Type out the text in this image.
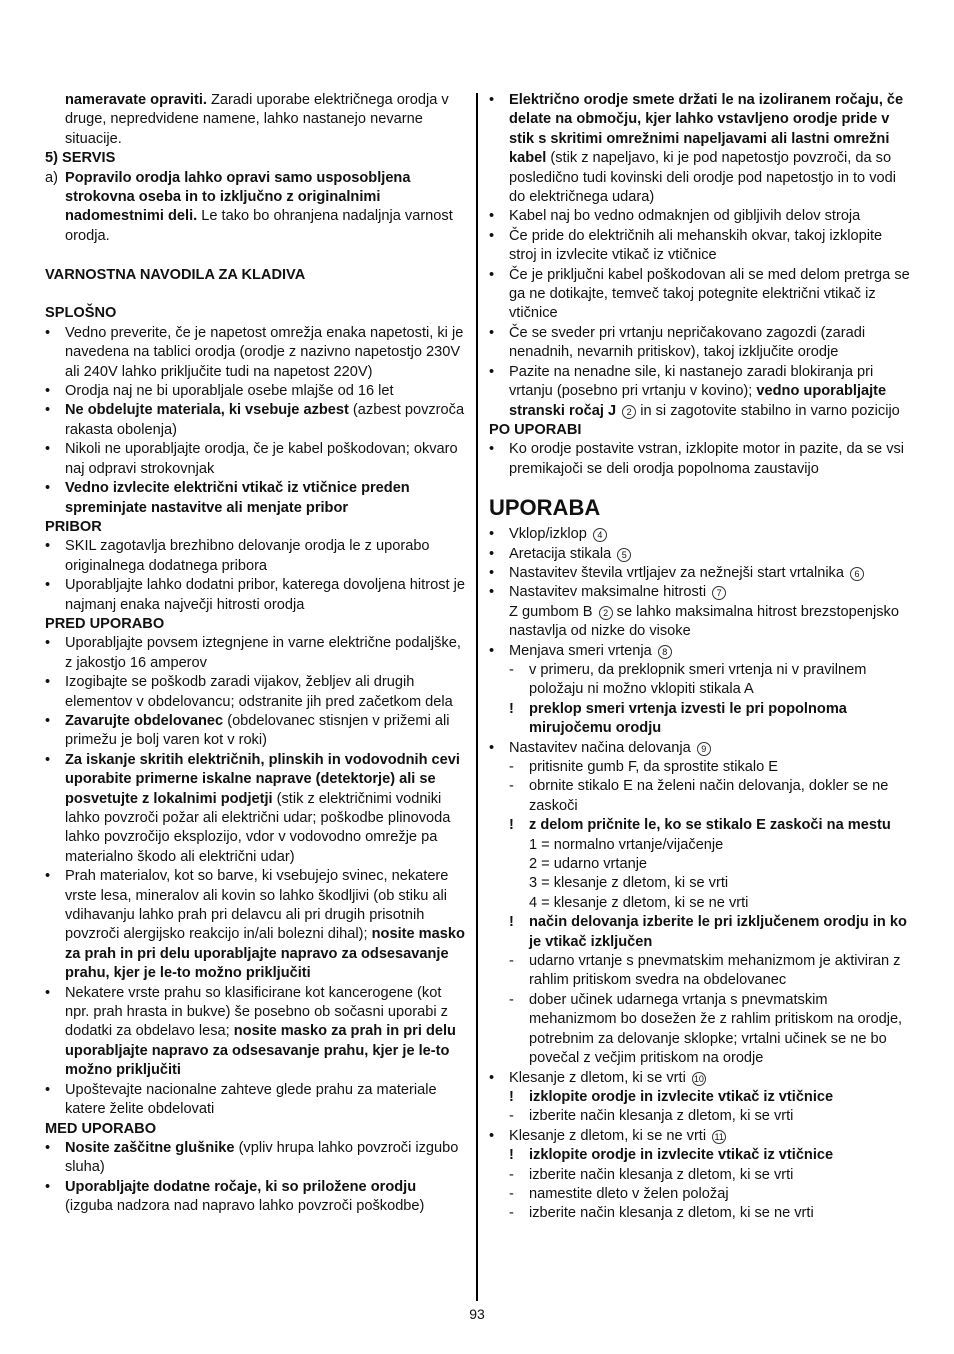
nameravate opraviti. Zaradi uporabe električnega orodja v druge, nepredvidene namene, lahko nastanejo nevarne situacije.
5) SERVIS
a) Popravilo orodja lahko opravi samo usposobljena strokovna oseba in to izključno z originalnimi nadomestnimi deli. Le tako bo ohranjena nadaljnja varnost orodja.
VARNOSTNA NAVODILA ZA KLADIVA
SPLOŠNO
•	Vedno preverite, če je napetost omrežja enaka napetosti, ki je navedena na tablici orodja (orodje z nazivno napetostjo 230V ali 240V lahko priključite tudi na napetost 220V)
•	Orodja naj ne bi uporabljale osebe mlajše od 16 let
•	Ne obdelujte materiala, ki vsebuje azbest (azbest povzroča rakasta obolenja)
•	Nikoli ne uporabljajte orodja, če je kabel poškodovan; okvaro naj odpravi strokovnjak
•	Vedno izvlecite električni vtikač iz vtičnice preden spreminjate nastavitve ali menjate pribor
PRIBOR
•	SKIL zagotavlja brezhibno delovanje orodja le z uporabo originalnega dodatnega pribora
•	Uporabljajte lahko dodatni pribor, katerega dovoljena hitrost je najmanj enaka največji hitrosti orodja
PRED UPORABO
•	Uporabljajte povsem iztegnjene in varne električne podaljške, z jakostjo 16 amperov
•	Izogibajte se poškodb zaradi vijakov, žebljev ali drugih elementov v obdelovancu; odstranite jih pred začetkom dela
•	Zavarujte obdelovanec (obdelovanec stisnjen v prižemi ali primežu je bolj varen kot v roki)
•	Za iskanje skritih električnih, plinskih in vodovodnih cevi uporabite primerne iskalne naprave (detektorje) ali se posvetujte z lokalnimi podjetji (stik z električnimi vodniki lahko povzroči požar ali električni udar; poškodbe plinovoda lahko povzročijo eksplozijo, vdor v vodovodno omrežje pa materialno škodo ali električni udar)
•	Prah materialov, kot so barve, ki vsebujejo svinec, nekatere vrste lesa, mineralov ali kovin so lahko škodljivi (ob stiku ali vdihavanju lahko prah pri delavcu ali pri drugih prisotnih povzroči alergijsko reakcijo in/ali bolezni dihal); nosite masko za prah in pri delu uporabljajte napravo za odsesavanje prahu, kjer je le-to možno priključiti
•	Nekatere vrste prahu so klasificirane kot kancerogene (kot npr. prah hrasta in bukve) še posebno ob sočasni uporabi z dodatki za obdelavo lesa; nosite masko za prah in pri delu uporabljajte napravo za odsesavanje prahu, kjer je le-to možno priključiti
•	Upoštevajte nacionalne zahteve glede prahu za materiale katere želite obdelovati
MED UPORABO
•	Nosite zaščitne glušnike (vpliv hrupa lahko povzroči izgubo sluha)
•	Uporabljajte dodatne ročaje, ki so priložene orodju (izguba nadzora nad napravo lahko povzroči poškodbe)
•	Električno orodje smete držati le na izoliranem ročaju, če delate na območju, kjer lahko vstavljeno orodje pride v stik s skritimi omrežnimi napeljavami ali lastni omrežni kabel (stik z napeljavo, ki je pod napetostjo povzroči, da so posledično tudi kovinski deli orodje pod napetostjo in to vodi do električnega udara)
•	Kabel naj bo vedno odmaknjen od gibljivih delov stroja
•	Če pride do električnih ali mehanskih okvar, takoj izklopite stroj in izvlecite vtikač iz vtičnice
•	Če je priključni kabel poškodovan ali se med delom pretrga se ga ne dotikajte, temveč takoj potegnite električni vtikač iz vtičnice
•	Če se sveder pri vrtanju nepričakovano zagozdi (zaradi nenadnih, nevarnih pritiskov), takoj izključite orodje
•	Pazite na nenadne sile, ki nastanejo zaradi blokiranja pri vrtanju (posebno pri vrtanju v kovino); vedno uporabljajte stranski ročaj J 2 in si zagotovite stabilno in varno pozicijo
PO UPORABI
•	Ko orodje postavite vstran, izklopite motor in pazite, da se vsi premikajoči se deli orodja popolnoma zaustavijo
UPORABA
•	Vklop/izklop 4
•	Aretacija stikala 5
•	Nastavitev števila vrtljajev za nežnejši start vrtalnika 6
•	Nastavitev maksimalne hitrosti 7
Z gumbom B 2 se lahko maksimalna hitrost brezstopenjsko nastavlja od nizke do visoke
•	Menjava smeri vrtenja 8
- v primeru, da preklopnik smeri vrtenja ni v pravilnem položaju ni možno vklopiti stikala A
! preklop smeri vrtenja izvesti le pri popolnoma mirujočemu orodju
•	Nastavitev načina delovanja 9
- pritisnite gumb F, da sprostite stikalo E
- obrnite stikalo E na želeni način delovanja, dokler se ne zaskoči
! z delom pričnite le, ko se stikalo E zaskoči na mestu
1 = normalno vrtanje/vijačenje
2 = udarno vrtanje
3 = klesanje z dletom, ki se vrti
4 = klesanje z dletom, ki se ne vrti
! način delovanja izberite le pri izključenem orodju in ko je vtikač izključen
- udarno vrtanje s pnevmatskim mehanizmom je aktiviran z rahlim pritiskom svedra na obdelovanec
- dober učinek udarnega vrtanja s pnevmatskim mehanizmom bo dosežen že z rahlim pritiskom na orodje, potrebnim za delovanje sklopke; vrtalni učinek se ne bo povečal z večjim pritiskom na orodje
•	Klesanje z dletom, ki se vrti 10
! izklopite orodje in izvlecite vtikač iz vtičnice
- izberite način klesanja z dletom, ki se vrti
•	Klesanje z dletom, ki se ne vrti 11
! izklopite orodje in izvlecite vtikač iz vtičnice
- izberite način klesanja z dletom, ki se vrti
- namestite dleto v želen položaj
- izberite način klesanja z dletom, ki se ne vrti
93
